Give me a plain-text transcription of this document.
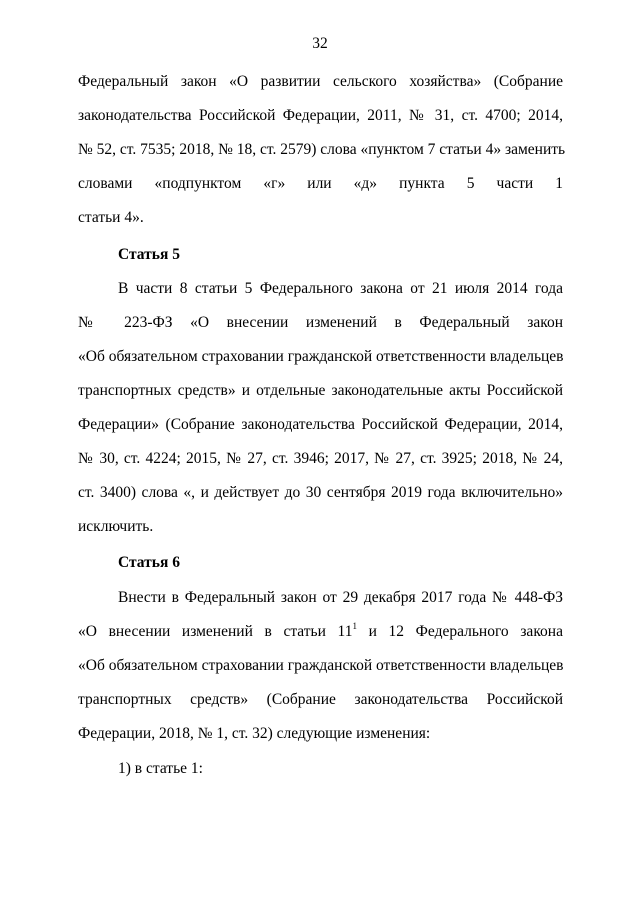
32
Федеральный закон «О развитии сельского хозяйства» (Собрание
законодательства Российской Федерации, 2011, № 31, ст. 4700; 2014,
№ 52, ст. 7535; 2018, № 18, ст. 2579) слова «пунктом 7 статьи 4» заменить
словами «подпунктом «г» или «д» пункта 5 части 1
статьи 4».
Статья 5
В части 8 статьи 5 Федерального закона от 21 июля 2014 года
№ 223-ФЗ «О внесении изменений в Федеральный закон
«Об обязательном страховании гражданской ответственности владельцев
транспортных средств» и отдельные законодательные акты Российской
Федерации» (Собрание законодательства Российской Федерации, 2014,
№ 30, ст. 4224; 2015, № 27, ст. 3946; 2017, № 27, ст. 3925; 2018, № 24,
ст. 3400) слова «, и действует до 30 сентября 2019 года включительно»
исключить.
Статья 6
Внести в Федеральный закон от 29 декабря 2017 года № 448-ФЗ
«О внесении изменений в статьи $11^1$ и 12 Федерального закона
«Об обязательном страховании гражданской ответственности владельцев
транспортных средств» (Собрание законодательства Российской
Федерации, 2018, № 1, ст. 32) следующие изменения:
1) в статье 1:
